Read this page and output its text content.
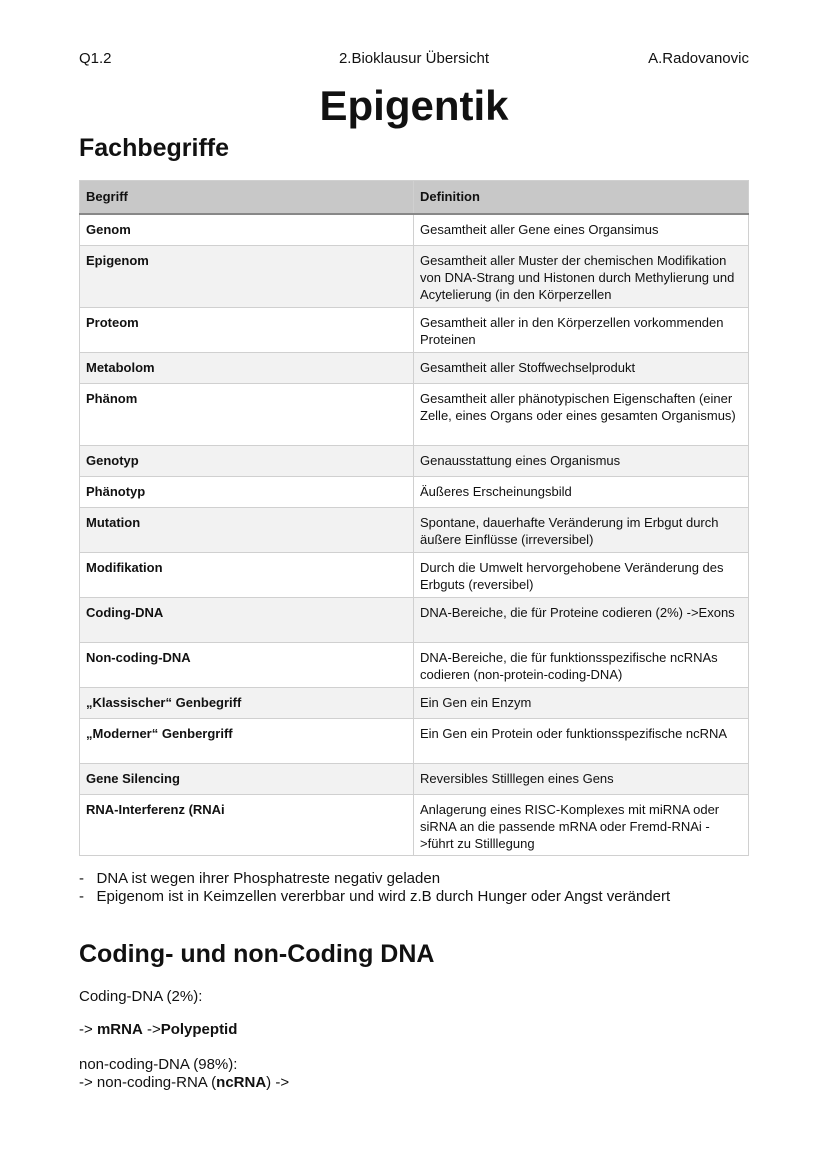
Q1.2	2.Bioklausur Übersicht	A.Radovanovic
Epigentik
Fachbegriffe
Begriff	Definition
Genom	Gesamtheit aller Gene eines Organsimus
Epigenom	Gesamtheit aller Muster der chemischen Modifikation von DNA-Strang und Histonen durch Methylierung und Acytelierung (in den Körperzellen
Proteom	Gesamtheit aller in den Körperzellen vorkommenden Proteinen
Metabolom	Gesamtheit aller Stoffwechselprodukt
Phänom	Gesamtheit aller phänotypischen Eigenschaften (einer Zelle, eines Organs oder eines gesamten Organismus)
Genotyp	Genausstattung eines Organismus
Phänotyp	Äußeres Erscheinungsbild
Mutation	Spontane, dauerhafte Veränderung im Erbgut durch äußere Einflüsse (irreversibel)
Modifikation	Durch die Umwelt hervorgehobene Veränderung des Erbguts (reversibel)
Coding-DNA	DNA-Bereiche, die für Proteine codieren (2%) ->Exons
Non-coding-DNA	DNA-Bereiche, die für funktionsspezifische ncRNAs codieren (non-protein-coding-DNA)
„Klassischer“ Genbegriff	Ein Gen ein Enzym
„Moderner“ Genbergriff	Ein Gen ein Protein oder funktionsspezifische ncRNA
Gene Silencing	Reversibles Stilllegen eines Gens
RNA-Interferenz (RNAi	Anlagerung eines RISC-Komplexes mit miRNA oder siRNA an die passende mRNA oder Fremd-RNAi ->führt zu Stilllegung
-   DNA ist wegen ihrer Phosphatreste negativ geladen
-   Epigenom ist in Keimzellen vererbbar und wird z.B durch Hunger oder Angst verändert
Coding- und non-Coding DNA
Coding-DNA (2%):
-> mRNA ->Polypeptid
non-coding-DNA (98%):
-> non-coding-RNA (ncRNA) ->
